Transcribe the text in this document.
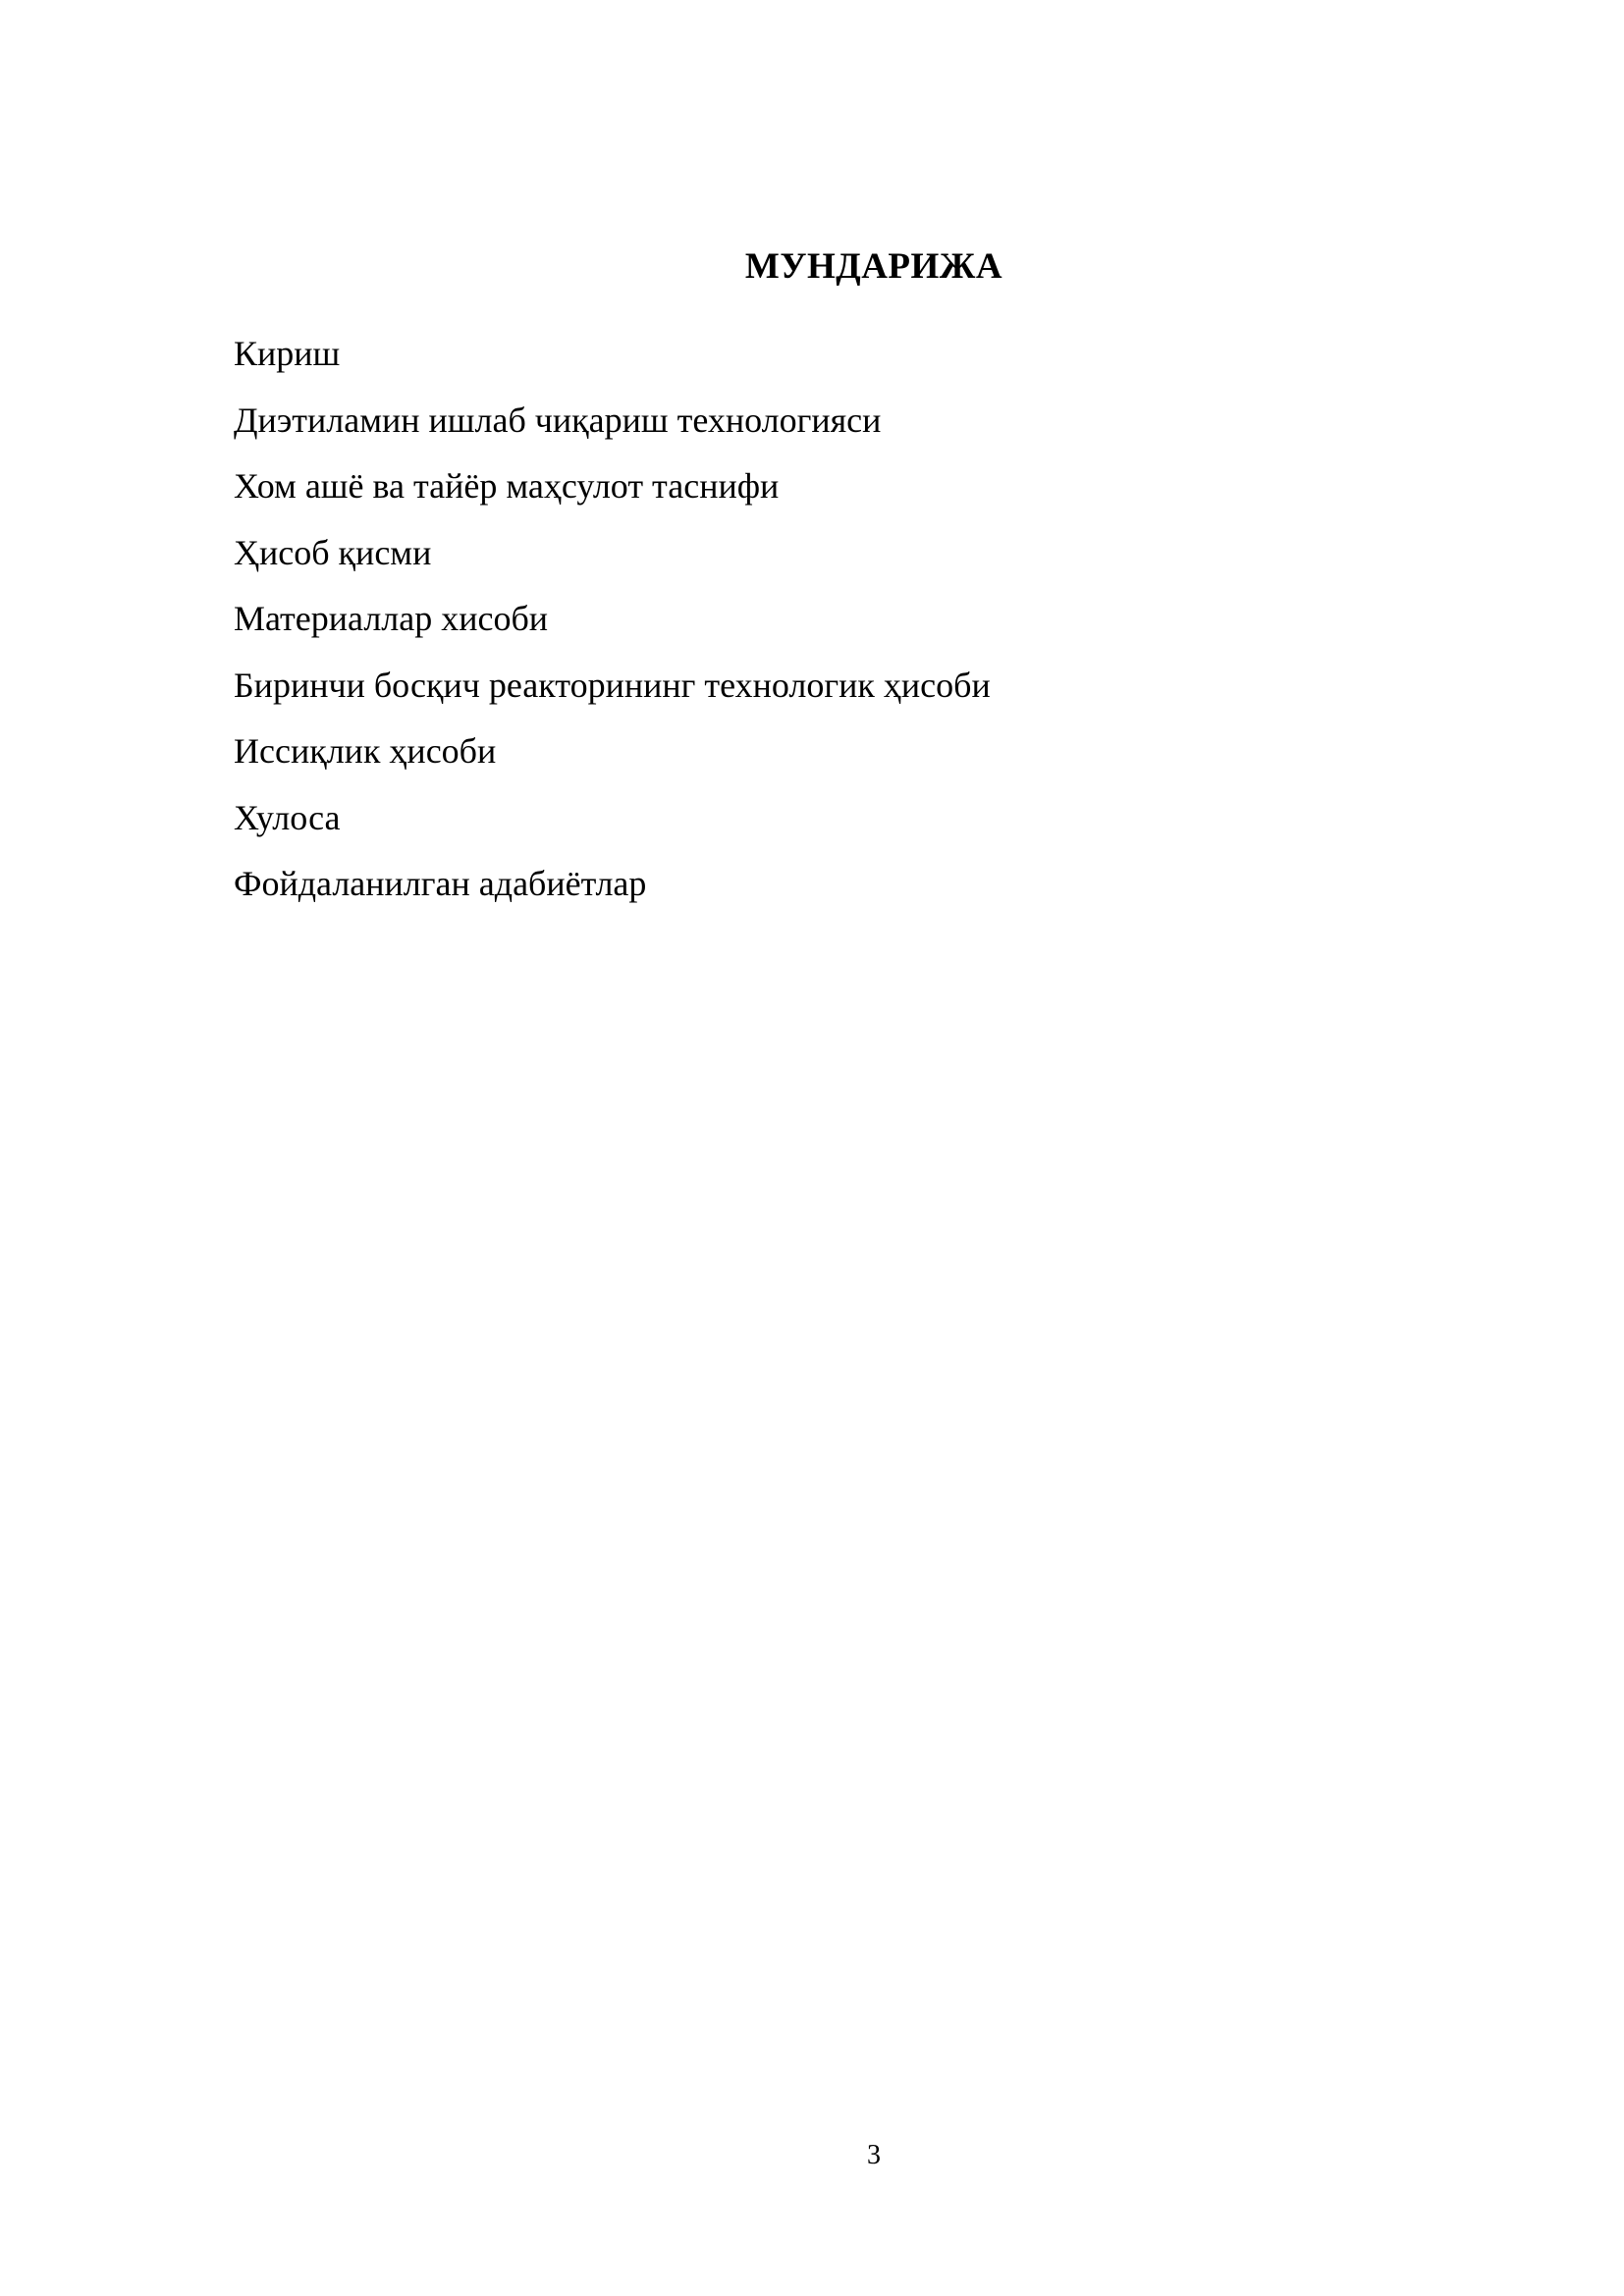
МУНДАРИЖА
Кириш
Диэтиламин ишлаб чиқариш технологияси
Хом ашё ва тайёр маҳсулот таснифи
Ҳисоб қисми
Материаллар хисоби
Биринчи босқич реакторининг технологик ҳисоби
Иссиқлик ҳисоби
Хулоса
Фойдаланилган адабиётлар
3
